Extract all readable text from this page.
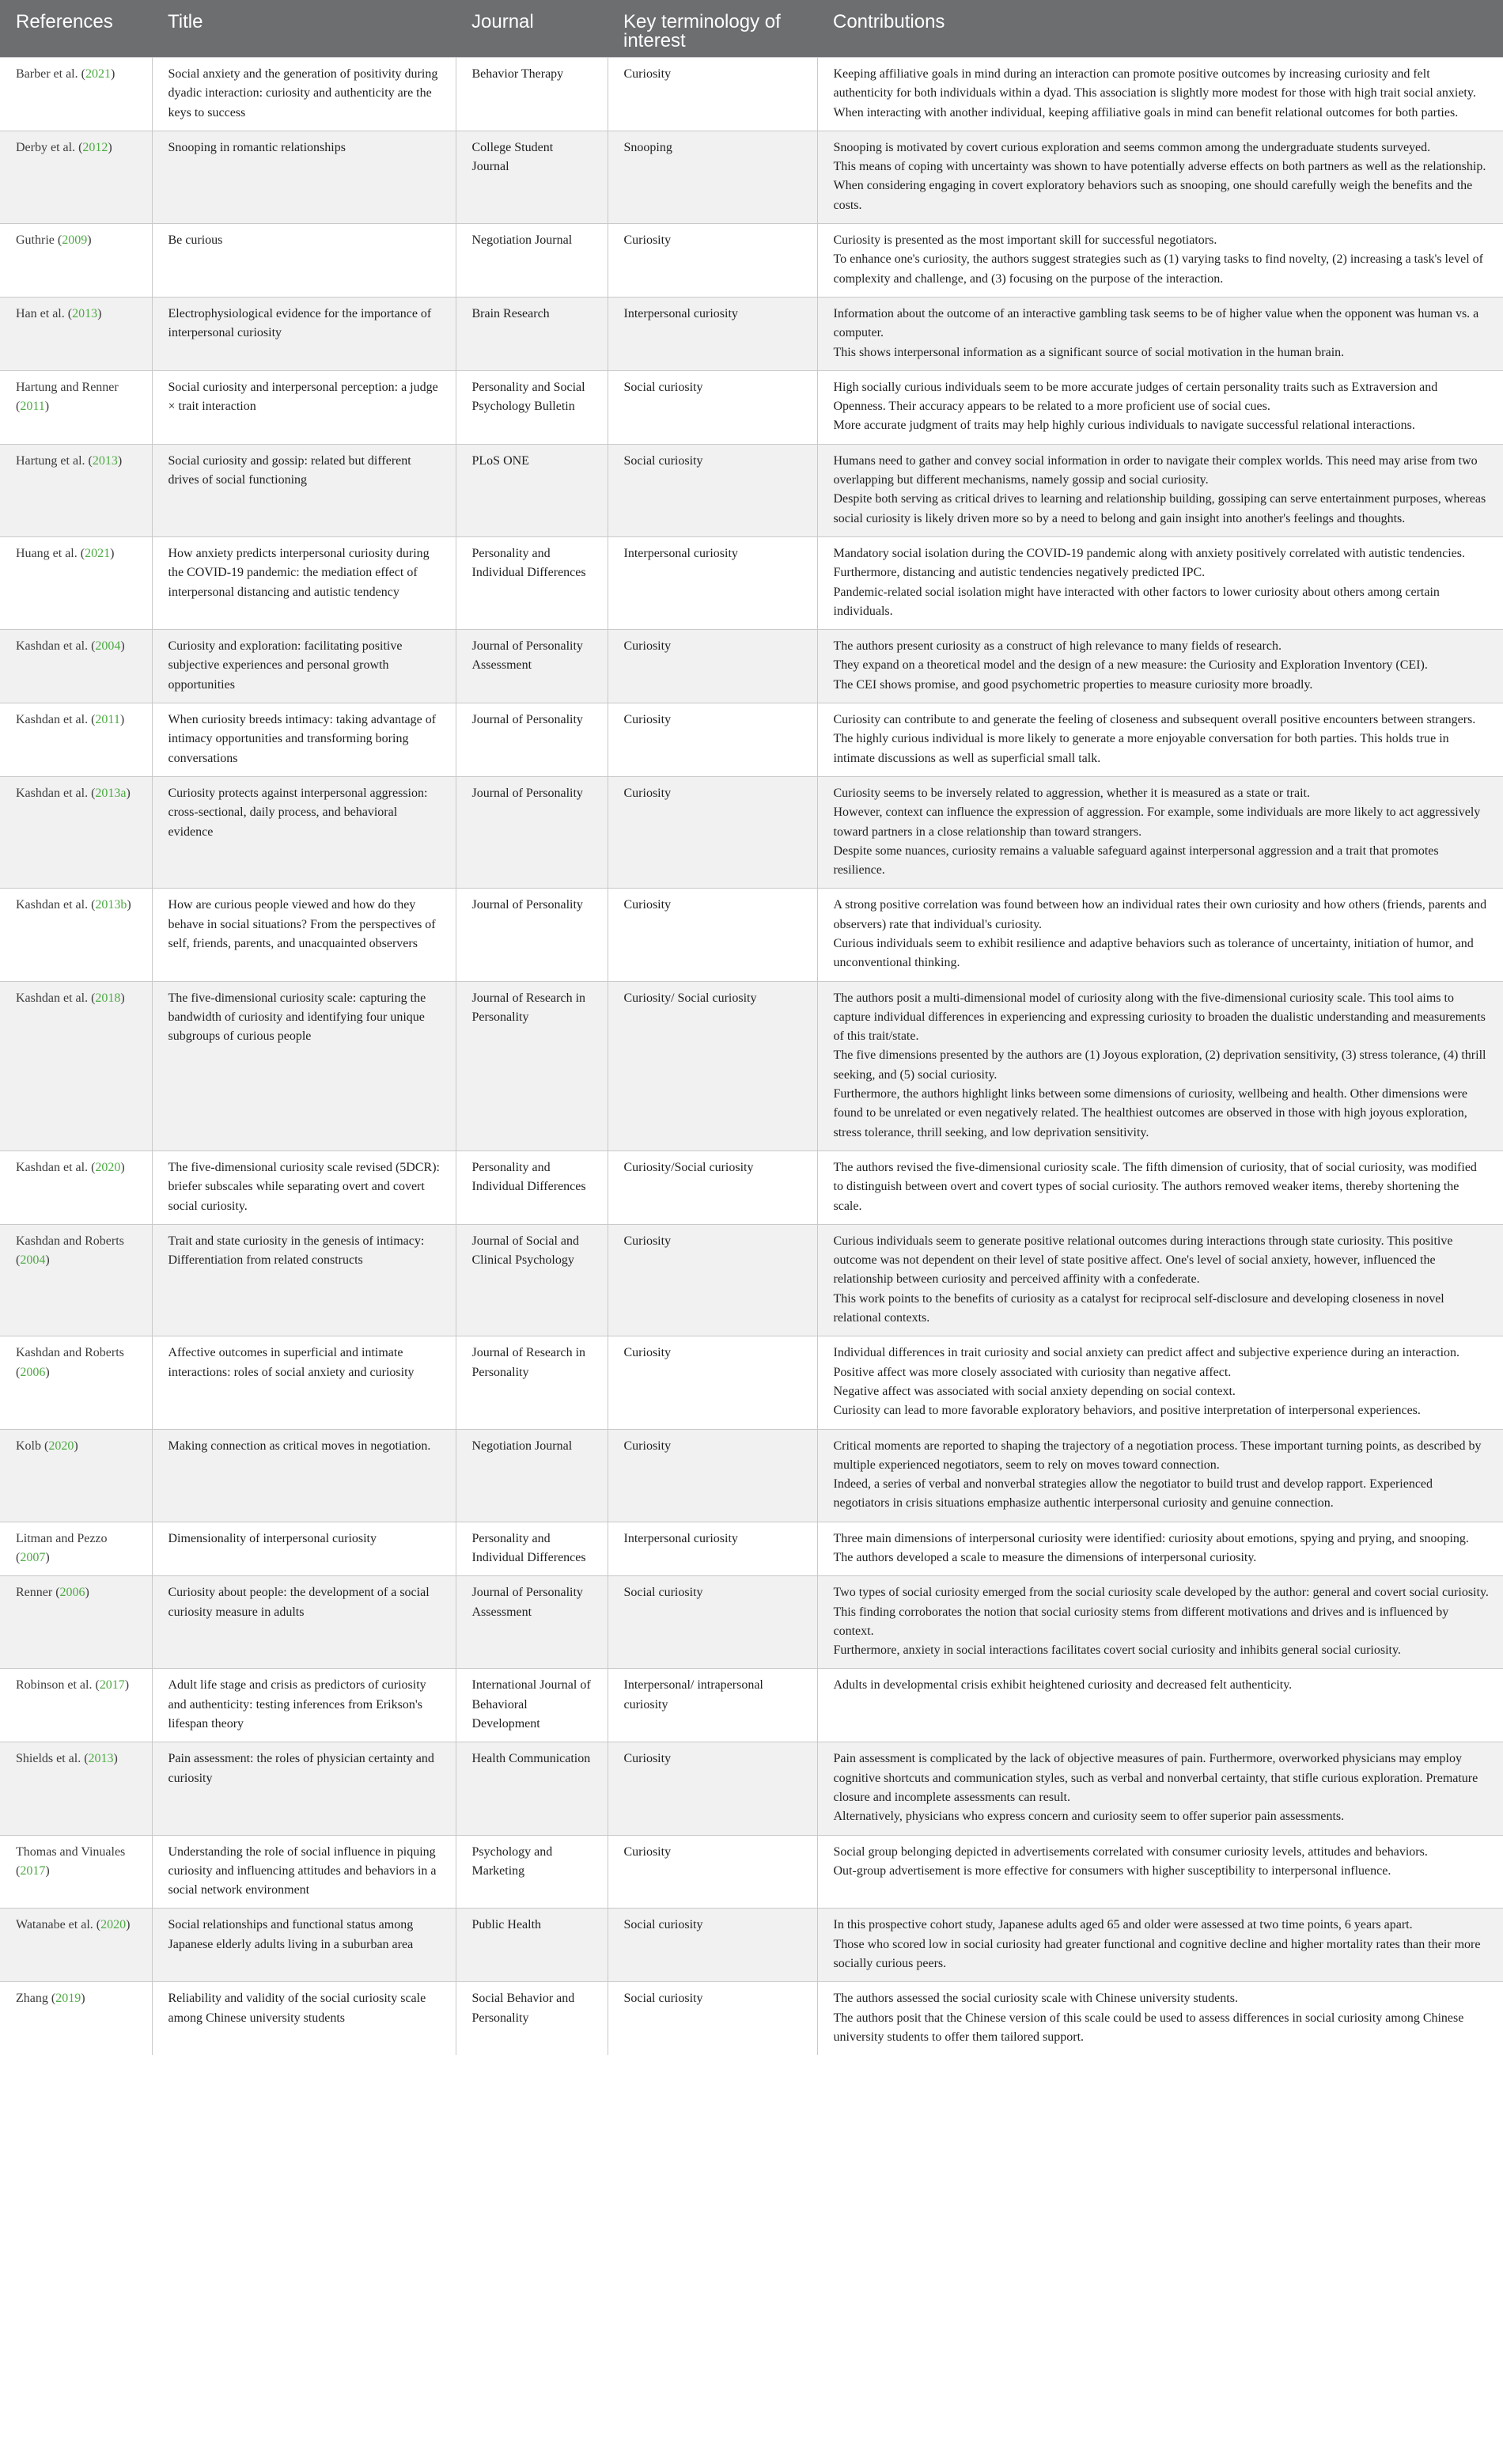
References	Title	Journal	Key terminology of interest	Contributions
Barber et al. (2021)	Social anxiety and the generation of positivity during dyadic interaction: curiosity and authenticity are the keys to success	Behavior Therapy	Curiosity	Keeping affiliative goals in mind during an interaction can promote positive outcomes by increasing curiosity and felt authenticity for both individuals within a dyad. This association is slightly more modest for those with high trait social anxiety.
When interacting with another individual, keeping affiliative goals in mind can benefit relational outcomes for both parties.

Derby et al. (2012)	Snooping in romantic relationships	College Student Journal	Snooping	Snooping is motivated by covert curious exploration and seems common among the undergraduate students surveyed.
This means of coping with uncertainty was shown to have potentially adverse effects on both partners as well as the relationship.
When considering engaging in covert exploratory behaviors such as snooping, one should carefully weigh the benefits and the costs.

Guthrie (2009)	Be curious	Negotiation Journal	Curiosity	Curiosity is presented as the most important skill for successful negotiators.
To enhance one's curiosity, the authors suggest strategies such as (1) varying tasks to find novelty, (2) increasing a task's level of complexity and challenge, and (3) focusing on the purpose of the interaction.

Han et al. (2013)	Electrophysiological evidence for the importance of interpersonal curiosity	Brain Research	Interpersonal curiosity	Information about the outcome of an interactive gambling task seems to be of higher value when the opponent was human vs. a computer.
This shows interpersonal information as a significant source of social motivation in the human brain.

Hartung and Renner (2011)	Social curiosity and interpersonal perception: a judge × trait interaction	Personality and Social Psychology Bulletin	Social curiosity	High socially curious individuals seem to be more accurate judges of certain personality traits such as Extraversion and Openness. Their accuracy appears to be related to a more proficient use of social cues.
More accurate judgment of traits may help highly curious individuals to navigate successful relational interactions.

Hartung et al. (2013)	Social curiosity and gossip: related but different drives of social functioning	PLoS ONE	Social curiosity	Humans need to gather and convey social information in order to navigate their complex worlds. This need may arise from two overlapping but different mechanisms, namely gossip and social curiosity.
Despite both serving as critical drives to learning and relationship building, gossiping can serve entertainment purposes, whereas social curiosity is likely driven more so by a need to belong and gain insight into another's feelings and thoughts.

Huang et al. (2021)	How anxiety predicts interpersonal curiosity during the COVID-19 pandemic: the mediation effect of interpersonal distancing and autistic tendency	Personality and Individual Differences	Interpersonal curiosity	Mandatory social isolation during the COVID-19 pandemic along with anxiety positively correlated with autistic tendencies. Furthermore, distancing and autistic tendencies negatively predicted IPC.
Pandemic-related social isolation might have interacted with other factors to lower curiosity about others among certain individuals.

Kashdan et al. (2004)	Curiosity and exploration: facilitating positive subjective experiences and personal growth opportunities	Journal of Personality Assessment	Curiosity	The authors present curiosity as a construct of high relevance to many fields of research.
They expand on a theoretical model and the design of a new measure: the Curiosity and Exploration Inventory (CEI).
The CEI shows promise, and good psychometric properties to measure curiosity more broadly.

Kashdan et al. (2011)	When curiosity breeds intimacy: taking advantage of intimacy opportunities and transforming boring conversations	Journal of Personality	Curiosity	Curiosity can contribute to and generate the feeling of closeness and subsequent overall positive encounters between strangers.
The highly curious individual is more likely to generate a more enjoyable conversation for both parties. This holds true in intimate discussions as well as superficial small talk.

Kashdan et al. (2013a)	Curiosity protects against interpersonal aggression: cross-sectional, daily process, and behavioral evidence	Journal of Personality	Curiosity	Curiosity seems to be inversely related to aggression, whether it is measured as a state or trait.
However, context can influence the expression of aggression. For example, some individuals are more likely to act aggressively toward partners in a close relationship than toward strangers.
Despite some nuances, curiosity remains a valuable safeguard against interpersonal aggression and a trait that promotes resilience.

Kashdan et al. (2013b)	How are curious people viewed and how do they behave in social situations? From the perspectives of self, friends, parents, and unacquainted observers	Journal of Personality	Curiosity	A strong positive correlation was found between how an individual rates their own curiosity and how others (friends, parents and observers) rate that individual's curiosity.
Curious individuals seem to exhibit resilience and adaptive behaviors such as tolerance of uncertainty, initiation of humor, and unconventional thinking.

Kashdan et al. (2018)	The five-dimensional curiosity scale: capturing the bandwidth of curiosity and identifying four unique subgroups of curious people	Journal of Research in Personality	Curiosity/ Social curiosity	The authors posit a multi-dimensional model of curiosity along with the five-dimensional curiosity scale. This tool aims to capture individual differences in experiencing and expressing curiosity to broaden the dualistic understanding and measurements of this trait/state.
The five dimensions presented by the authors are (1) Joyous exploration, (2) deprivation sensitivity, (3) stress tolerance, (4) thrill seeking, and (5) social curiosity.
Furthermore, the authors highlight links between some dimensions of curiosity, wellbeing and health. Other dimensions were found to be unrelated or even negatively related. The healthiest outcomes are observed in those with high joyous exploration, stress tolerance, thrill seeking, and low deprivation sensitivity.

Kashdan et al. (2020)	The five-dimensional curiosity scale revised (5DCR): briefer subscales while separating overt and covert social curiosity.	Personality and Individual Differences	Curiosity/Social curiosity	The authors revised the five-dimensional curiosity scale. The fifth dimension of curiosity, that of social curiosity, was modified to distinguish between overt and covert types of social curiosity. The authors removed weaker items, thereby shortening the scale.

Kashdan and Roberts (2004)	Trait and state curiosity in the genesis of intimacy: Differentiation from related constructs	Journal of Social and Clinical Psychology	Curiosity	Curious individuals seem to generate positive relational outcomes during interactions through state curiosity. This positive outcome was not dependent on their level of state positive affect. One's level of social anxiety, however, influenced the relationship between curiosity and perceived affinity with a confederate.
This work points to the benefits of curiosity as a catalyst for reciprocal self-disclosure and developing closeness in novel relational contexts.

Kashdan and Roberts (2006)	Affective outcomes in superficial and intimate interactions: roles of social anxiety and curiosity	Journal of Research in Personality	Curiosity	Individual differences in trait curiosity and social anxiety can predict affect and subjective experience during an interaction. Positive affect was more closely associated with curiosity than negative affect.
Negative affect was associated with social anxiety depending on social context.
Curiosity can lead to more favorable exploratory behaviors, and positive interpretation of interpersonal experiences.

Kolb (2020)	Making connection as critical moves in negotiation.	Negotiation Journal	Curiosity	Critical moments are reported to shaping the trajectory of a negotiation process. These important turning points, as described by multiple experienced negotiators, seem to rely on moves toward connection.
Indeed, a series of verbal and nonverbal strategies allow the negotiator to build trust and develop rapport. Experienced negotiators in crisis situations emphasize authentic interpersonal curiosity and genuine connection.

Litman and Pezzo (2007)	Dimensionality of interpersonal curiosity	Personality and Individual Differences	Interpersonal curiosity	Three main dimensions of interpersonal curiosity were identified: curiosity about emotions, spying and prying, and snooping.
The authors developed a scale to measure the dimensions of interpersonal curiosity.

Renner (2006)	Curiosity about people: the development of a social curiosity measure in adults	Journal of Personality Assessment	Social curiosity	Two types of social curiosity emerged from the social curiosity scale developed by the author: general and covert social curiosity.
This finding corroborates the notion that social curiosity stems from different motivations and drives and is influenced by context.
Furthermore, anxiety in social interactions facilitates covert social curiosity and inhibits general social curiosity.

Robinson et al. (2017)	Adult life stage and crisis as predictors of curiosity and authenticity: testing inferences from Erikson's lifespan theory	International Journal of Behavioral Development	Interpersonal/ intrapersonal curiosity	Adults in developmental crisis exhibit heightened curiosity and decreased felt authenticity.

Shields et al. (2013)	Pain assessment: the roles of physician certainty and curiosity	Health Communication	Curiosity	Pain assessment is complicated by the lack of objective measures of pain. Furthermore, overworked physicians may employ cognitive shortcuts and communication styles, such as verbal and nonverbal certainty, that stifle curious exploration. Premature closure and incomplete assessments can result.
Alternatively, physicians who express concern and curiosity seem to offer superior pain assessments.

Thomas and Vinuales (2017)	Understanding the role of social influence in piquing curiosity and influencing attitudes and behaviors in a social network environment	Psychology and Marketing	Curiosity	Social group belonging depicted in advertisements correlated with consumer curiosity levels, attitudes and behaviors.
Out-group advertisement is more effective for consumers with higher susceptibility to interpersonal influence.

Watanabe et al. (2020)	Social relationships and functional status among Japanese elderly adults living in a suburban area	Public Health	Social curiosity	In this prospective cohort study, Japanese adults aged 65 and older were assessed at two time points, 6 years apart.
Those who scored low in social curiosity had greater functional and cognitive decline and higher mortality rates than their more socially curious peers.

Zhang (2019)	Reliability and validity of the social curiosity scale among Chinese university students	Social Behavior and Personality	Social curiosity	The authors assessed the social curiosity scale with Chinese university students.
The authors posit that the Chinese version of this scale could be used to assess differences in social curiosity among Chinese university students to offer them tailored support.
